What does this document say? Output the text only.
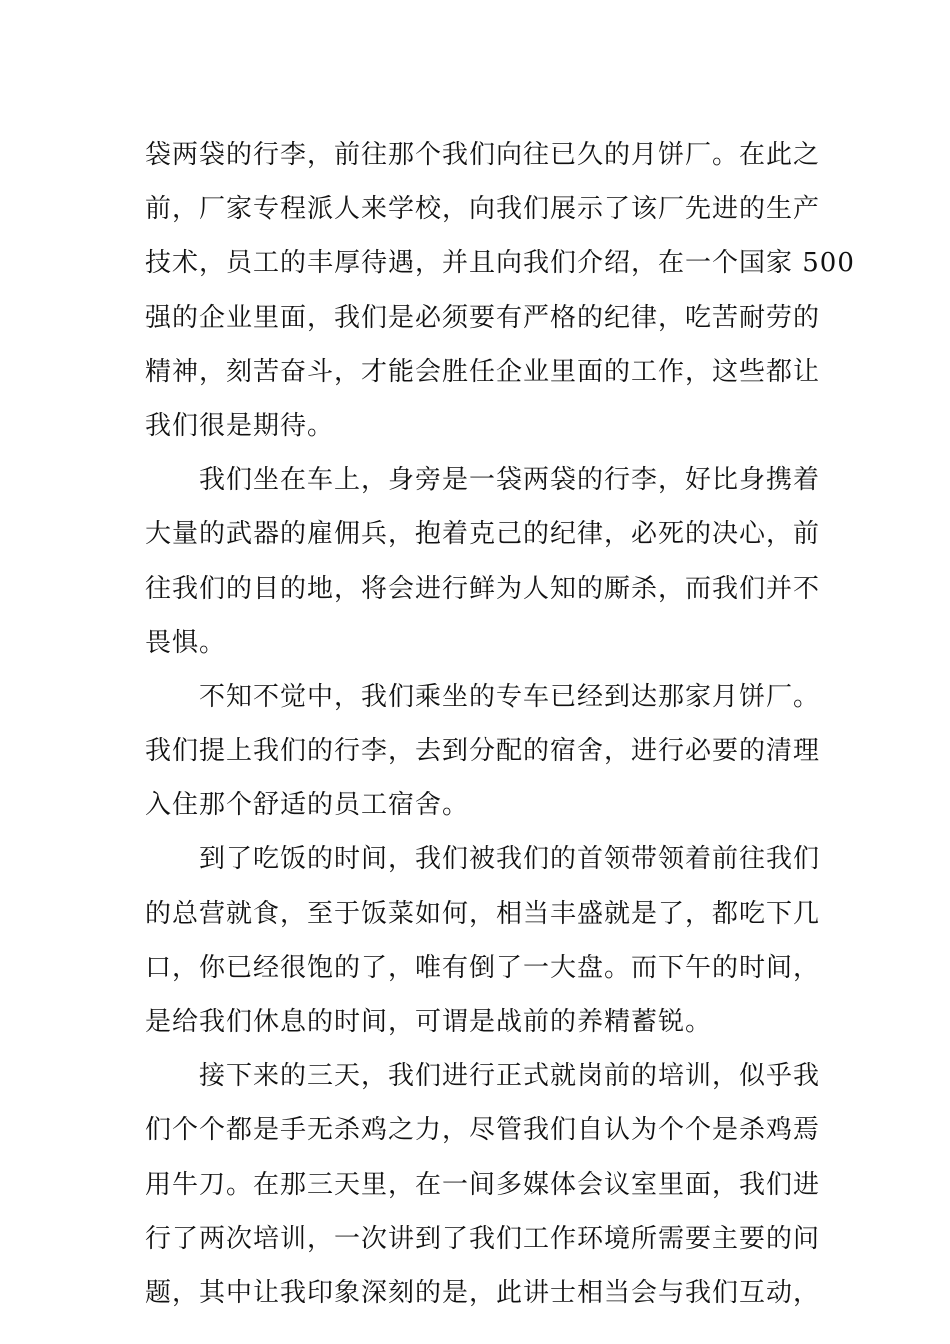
袋两袋的行李，前往那个我们向往已久的月饼厂。在此之
前，厂家专程派人来学校，向我们展示了该厂先进的生产
技术，员工的丰厚待遇，并且向我们介绍，在一个国家 500
强的企业里面，我们是必须要有严格的纪律，吃苦耐劳的
精神，刻苦奋斗，才能会胜任企业里面的工作，这些都让
我们很是期待。
我们坐在车上，身旁是一袋两袋的行李，好比身携着
大量的武器的雇佣兵，抱着克己的纪律，必死的决心，前
往我们的目的地，将会进行鲜为人知的厮杀，而我们并不
畏惧。
不知不觉中，我们乘坐的专车已经到达那家月饼厂。
我们提上我们的行李，去到分配的宿舍，进行必要的清理
入住那个舒适的员工宿舍。
到了吃饭的时间，我们被我们的首领带领着前往我们
的总营就食，至于饭菜如何，相当丰盛就是了，都吃下几
口，你已经很饱的了，唯有倒了一大盘。而下午的时间，
是给我们休息的时间，可谓是战前的养精蓄锐。
接下来的三天，我们进行正式就岗前的培训，似乎我
们个个都是手无杀鸡之力，尽管我们自认为个个是杀鸡焉
用牛刀。在那三天里，在一间多媒体会议室里面，我们进
行了两次培训，一次讲到了我们工作环境所需要主要的问
题，其中让我印象深刻的是，此讲士相当会与我们互动，
